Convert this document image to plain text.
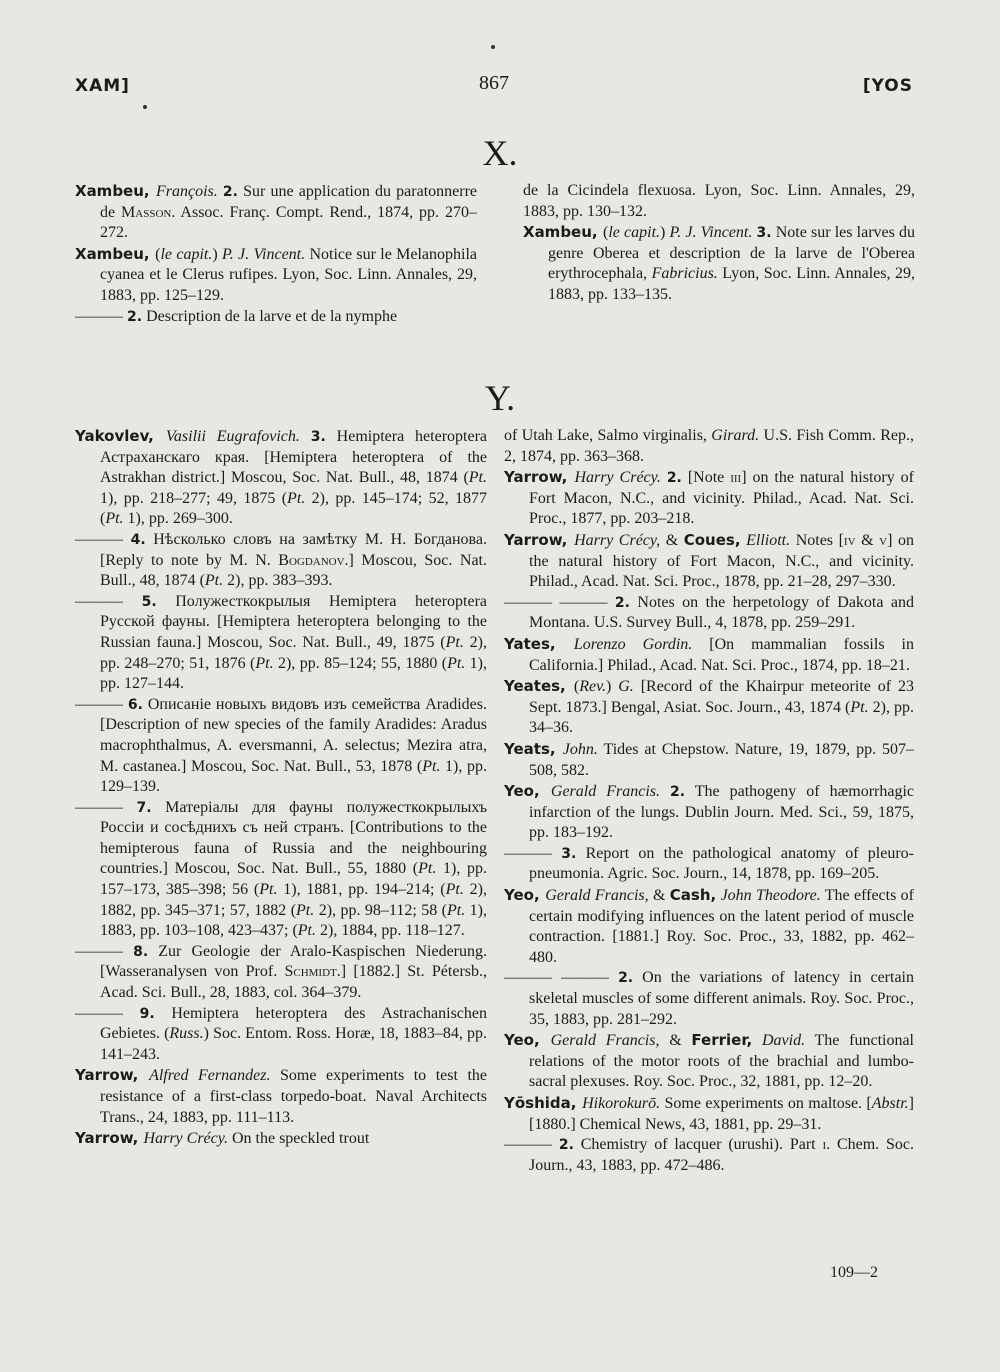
XAM]	867	[YOS
X.

Xambeu, François. 2. Sur une application du paratonnerre de Masson. Assoc. Franç. Compt. Rend., 1874, pp. 270–272.

Xambeu, (le capit.) P. J. Vincent. Notice sur le Melanophila cyanea et le Clerus rufipes. Lyon, Soc. Linn. Annales, 29, 1883, pp. 125–129.

——— 2. Description de la larve et de la nymphe

de la Cicindela flexuosa. Lyon, Soc. Linn. Annales, 29, 1883, pp. 130–132.

Xambeu, (le capit.) P. J. Vincent. 3. Note sur les larves du genre Oberea et description de la larve de l'Oberea erythrocephala, Fabricius. Lyon, Soc. Linn. Annales, 29, 1883, pp. 133–135.

Y.

Yakovlev, Vasilii Eugrafovich. 3. Hemiptera heteroptera Астраханскаго края. [Hemiptera heteroptera of the Astrakhan district.] Moscou, Soc. Nat. Bull., 48, 1874 (Pt. 1), pp. 218–277; 49, 1875 (Pt. 2), pp. 145–174; 52, 1877 (Pt. 1), pp. 269–300.

——— 4. Нѣсколько словъ на замѣтку М. Н. Богданова. [Reply to note by M. N. Bogdanov.] Moscou, Soc. Nat. Bull., 48, 1874 (Pt. 2), pp. 383–393.

——— 5. Полужесткокрылыя Hemiptera heteroptera Русской фауны. [Hemiptera heteroptera belonging to the Russian fauna.] Moscou, Soc. Nat. Bull., 49, 1875 (Pt. 2), pp. 248–270; 51, 1876 (Pt. 2), pp. 85–124; 55, 1880 (Pt. 1), pp. 127–144.

——— 6. Описаніе новыхъ видовъ изъ семейства Aradides. [Description of new species of the family Aradides: Aradus macrophthalmus, A. eversmanni, A. selectus; Mezira atra, M. castanea.] Moscou, Soc. Nat. Bull., 53, 1878 (Pt. 1), pp. 129–139.

——— 7. Матеріалы для фауны полужесткокрылыхъ Россіи и сосѣднихъ съ ней странъ. [Contributions to the hemipterous fauna of Russia and the neighbouring countries.] Moscou, Soc. Nat. Bull., 55, 1880 (Pt. 1), pp. 157–173, 385–398; 56 (Pt. 1), 1881, pp. 194–214; (Pt. 2), 1882, pp. 345–371; 57, 1882 (Pt. 2), pp. 98–112; 58 (Pt. 1), 1883, pp. 103–108, 423–437; (Pt. 2), 1884, pp. 118–127.

——— 8. Zur Geologie der Aralo-Kaspischen Niederung. [Wasseranalysen von Prof. Schmidt.] [1882.] St. Pétersb., Acad. Sci. Bull., 28, 1883, col. 364–379.

——— 9. Hemiptera heteroptera des Astrachanischen Gebietes. (Russ.) Soc. Entom. Ross. Horæ, 18, 1883–84, pp. 141–243.

Yarrow, Alfred Fernandez. Some experiments to test the resistance of a first-class torpedo-boat. Naval Architects Trans., 24, 1883, pp. 111–113.

Yarrow, Harry Crécy. On the speckled trout

of Utah Lake, Salmo virginalis, Girard. U.S. Fish Comm. Rep., 2, 1874, pp. 363–368.

Yarrow, Harry Crécy. 2. [Note iii] on the natural history of Fort Macon, N.C., and vicinity. Philad., Acad. Nat. Sci. Proc., 1877, pp. 203–218.

Yarrow, Harry Crécy, & Coues, Elliott. Notes [iv & v] on the natural history of Fort Macon, N.C., and vicinity. Philad., Acad. Nat. Sci. Proc., 1878, pp. 21–28, 297–330.

——— ——— 2. Notes on the herpetology of Dakota and Montana. U.S. Survey Bull., 4, 1878, pp. 259–291.

Yates, Lorenzo Gordin. [On mammalian fossils in California.] Philad., Acad. Nat. Sci. Proc., 1874, pp. 18–21.

Yeates, (Rev.) G. [Record of the Khairpur meteorite of 23 Sept. 1873.] Bengal, Asiat. Soc. Journ., 43, 1874 (Pt. 2), pp. 34–36.

Yeats, John. Tides at Chepstow. Nature, 19, 1879, pp. 507–508, 582.

Yeo, Gerald Francis. 2. The pathogeny of hæmorrhagic infarction of the lungs. Dublin Journ. Med. Sci., 59, 1875, pp. 183–192.

——— 3. Report on the pathological anatomy of pleuro-pneumonia. Agric. Soc. Journ., 14, 1878, pp. 169–205.

Yeo, Gerald Francis, & Cash, John Theodore. The effects of certain modifying influences on the latent period of muscle contraction. [1881.] Roy. Soc. Proc., 33, 1882, pp. 462–480.

——— ——— 2. On the variations of latency in certain skeletal muscles of some different animals. Roy. Soc. Proc., 35, 1883, pp. 281–292.

Yeo, Gerald Francis, & Ferrier, David. The functional relations of the motor roots of the brachial and lumbo-sacral plexuses. Roy. Soc. Proc., 32, 1881, pp. 12–20.

Yōshida, Hikorokurō. Some experiments on maltose. [Abstr.] [1880.] Chemical News, 43, 1881, pp. 29–31.

——— 2. Chemistry of lacquer (urushi). Part i. Chem. Soc. Journ., 43, 1883, pp. 472–486.

109—2
